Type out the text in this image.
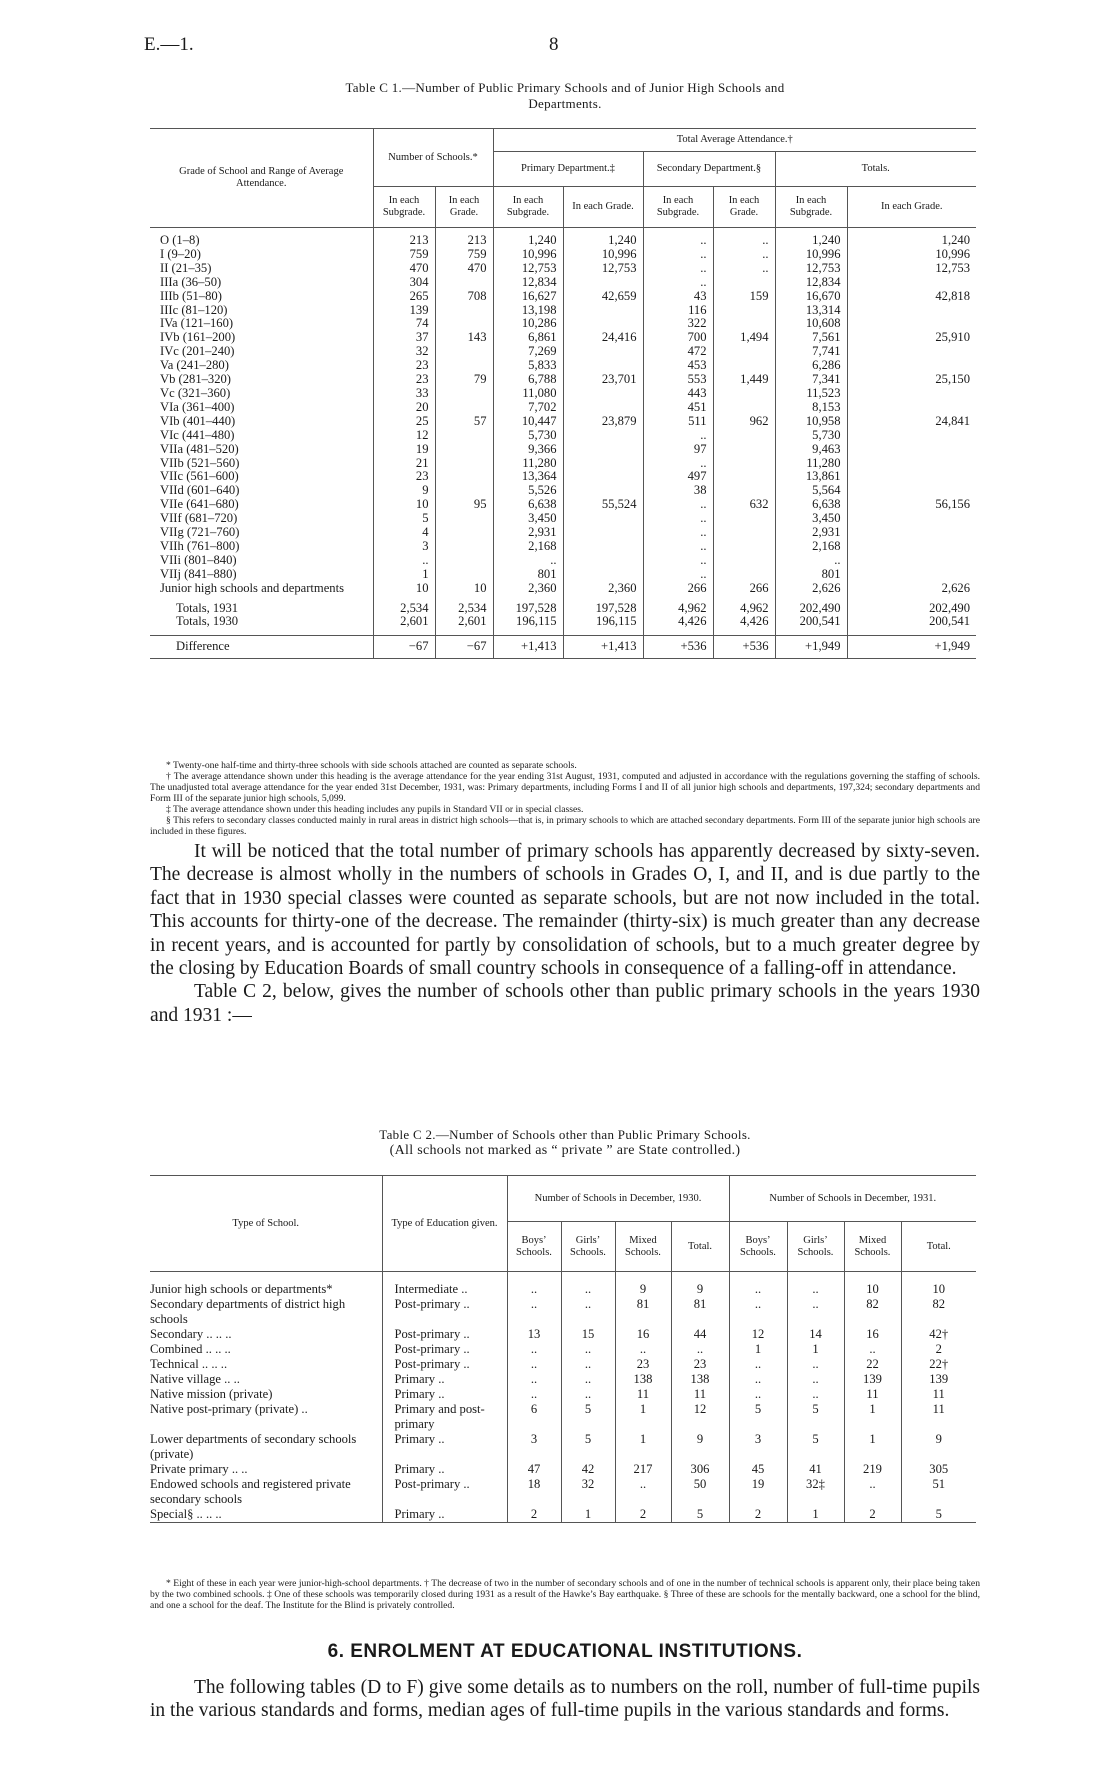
E.—1.	8
Table C 1.—Number of Public Primary Schools and of Junior High Schools and
Departments.
Grade of School and Range of Average Attendance.	Number of Schools.*		Total Average Attendance.†					
			Primary Department.‡		Secondary Department.§		Totals.	
	In each Subgrade.	In each Grade.	In each Subgrade.	In each Grade.	In each Subgrade.	In each Grade.	In each Subgrade.	In each Grade.
O (1–8)	213	213	1,240	1,240	..	..	1,240	1,240
I (9–20)	759	759	10,996	10,996	..	..	10,996	10,996
II (21–35)	470	470	12,753	12,753	..	..	12,753	12,753
IIIa (36–50)	304		12,834		..		12,834	
IIIb (51–80)	265	708	16,627	42,659	43	159	16,670	42,818
IIIc (81–120)	139		13,198		116		13,314	
IVa (121–160)	74		10,286		322		10,608	
IVb (161–200)	37	143	6,861	24,416	700	1,494	7,561	25,910
IVc (201–240)	32		7,269		472		7,741	
Va (241–280)	23		5,833		453		6,286	
Vb (281–320)	23	79	6,788	23,701	553	1,449	7,341	25,150
Vc (321–360)	33		11,080		443		11,523	
VIa (361–400)	20		7,702		451		8,153	
VIb (401–440)	25	57	10,447	23,879	511	962	10,958	24,841
VIc (441–480)	12		5,730		..		5,730	
VIIa (481–520)	19		9,366		97		9,463	
VIIb (521–560)	21		11,280		..		11,280	
VIIc (561–600)	23		13,364		497		13,861	
VIId (601–640)	9		5,526		38		5,564	
VIIe (641–680)	10	95	6,638	55,524	..	632	6,638	56,156
VIIf (681–720)	5		3,450		..		3,450	
VIIg (721–760)	4		2,931		..		2,931	
VIIh (761–800)	3		2,168		..		2,168	
VIIi (801–840)	..		..		..		..	
VIIj (841–880)	1		801		..		801	
Junior high schools and departments	10	10	2,360	2,360	266	266	2,626	2,626
Totals, 1931	2,534	2,534	197,528	197,528	4,962	4,962	202,490	202,490
Totals, 1930	2,601	2,601	196,115	196,115	4,426	4,426	200,541	200,541
Difference	−67	−67	+1,413	+1,413	+536	+536	+1,949	+1,949

* Twenty-one half-time and thirty-three schools with side schools attached are counted as separate schools.

† The average attendance shown under this heading is the average attendance for the year ending 31st August, 1931, computed and adjusted in accordance with the regulations governing the staffing of schools. The unadjusted total average attendance for the year ended 31st December, 1931, was: Primary departments, including Forms I and II of all junior high schools and departments, 197,324; secondary departments and Form III of the separate junior high schools, 5,099.

‡ The average attendance shown under this heading includes any pupils in Standard VII or in special classes.

§ This refers to secondary classes conducted mainly in rural areas in district high schools—that is, in primary schools to which are attached secondary departments. Form III of the separate junior high schools are included in these figures.

It will be noticed that the total number of primary schools has apparently decreased by sixty-seven. The decrease is almost wholly in the numbers of schools in Grades O, I, and II, and is due partly to the fact that in 1930 special classes were counted as separate schools, but are not now included in the total. This accounts for thirty-one of the decrease. The remainder (thirty-six) is much greater than any decrease in recent years, and is accounted for partly by consolidation of schools, but to a much greater degree by the closing by Education Boards of small country schools in consequence of a falling-off in attendance.

Table C 2, below, gives the number of schools other than public primary schools in the years 1930 and 1931 :—

Table C 2.—Number of Schools other than Public Primary Schools.
(All schools not marked as “ private ” are State controlled.)
Type of School.	Type of Education given.	Number of Schools in December, 1930.				Number of Schools in December, 1931.			
		Boys’ Schools.	Girls’ Schools.	Mixed Schools.	Total.	Boys’ Schools.	Girls’ Schools.	Mixed Schools.	Total.
Junior high schools or departments*	Intermediate ..	..	..	9	9	..	..	10	10
Secondary departments of district high schools	Post-primary ..	..	..	81	81	..	..	82	82
Secondary .. .. ..	Post-primary ..	13	15	16	44	12	14	16	42†
Combined .. .. ..	Post-primary ..	..	..	..	..	1	1	..	2
Technical .. .. ..	Post-primary ..	..	..	23	23	..	..	22	22†
Native village .. ..	Primary ..	..	..	138	138	..	..	139	139
Native mission (private)	Primary ..	..	..	11	11	..	..	11	11
Native post-primary (private) ..	Primary and post-primary	6	5	1	12	5	5	1	11
Lower departments of secondary schools (private)	Primary ..	3	5	1	9	3	5	1	9
Private primary .. ..	Primary ..	47	42	217	306	45	41	219	305
Endowed schools and registered private secondary schools	Post-primary ..	18	32	..	50	19	32‡	..	51
Special§ .. .. ..	Primary ..	2	1	2	5	2	1	2	5

* Eight of these in each year were junior-high-school departments. † The decrease of two in the number of secondary schools and of one in the number of technical schools is apparent only, their place being taken by the two combined schools. ‡ One of these schools was temporarily closed during 1931 as a result of the Hawke’s Bay earthquake. § Three of these are schools for the mentally backward, one a school for the blind, and one a school for the deaf. The Institute for the Blind is privately controlled.

6. ENROLMENT AT EDUCATIONAL INSTITUTIONS.

The following tables (D to F) give some details as to numbers on the roll, number of full-time pupils in the various standards and forms, median ages of full-time pupils in the various standards and forms.
